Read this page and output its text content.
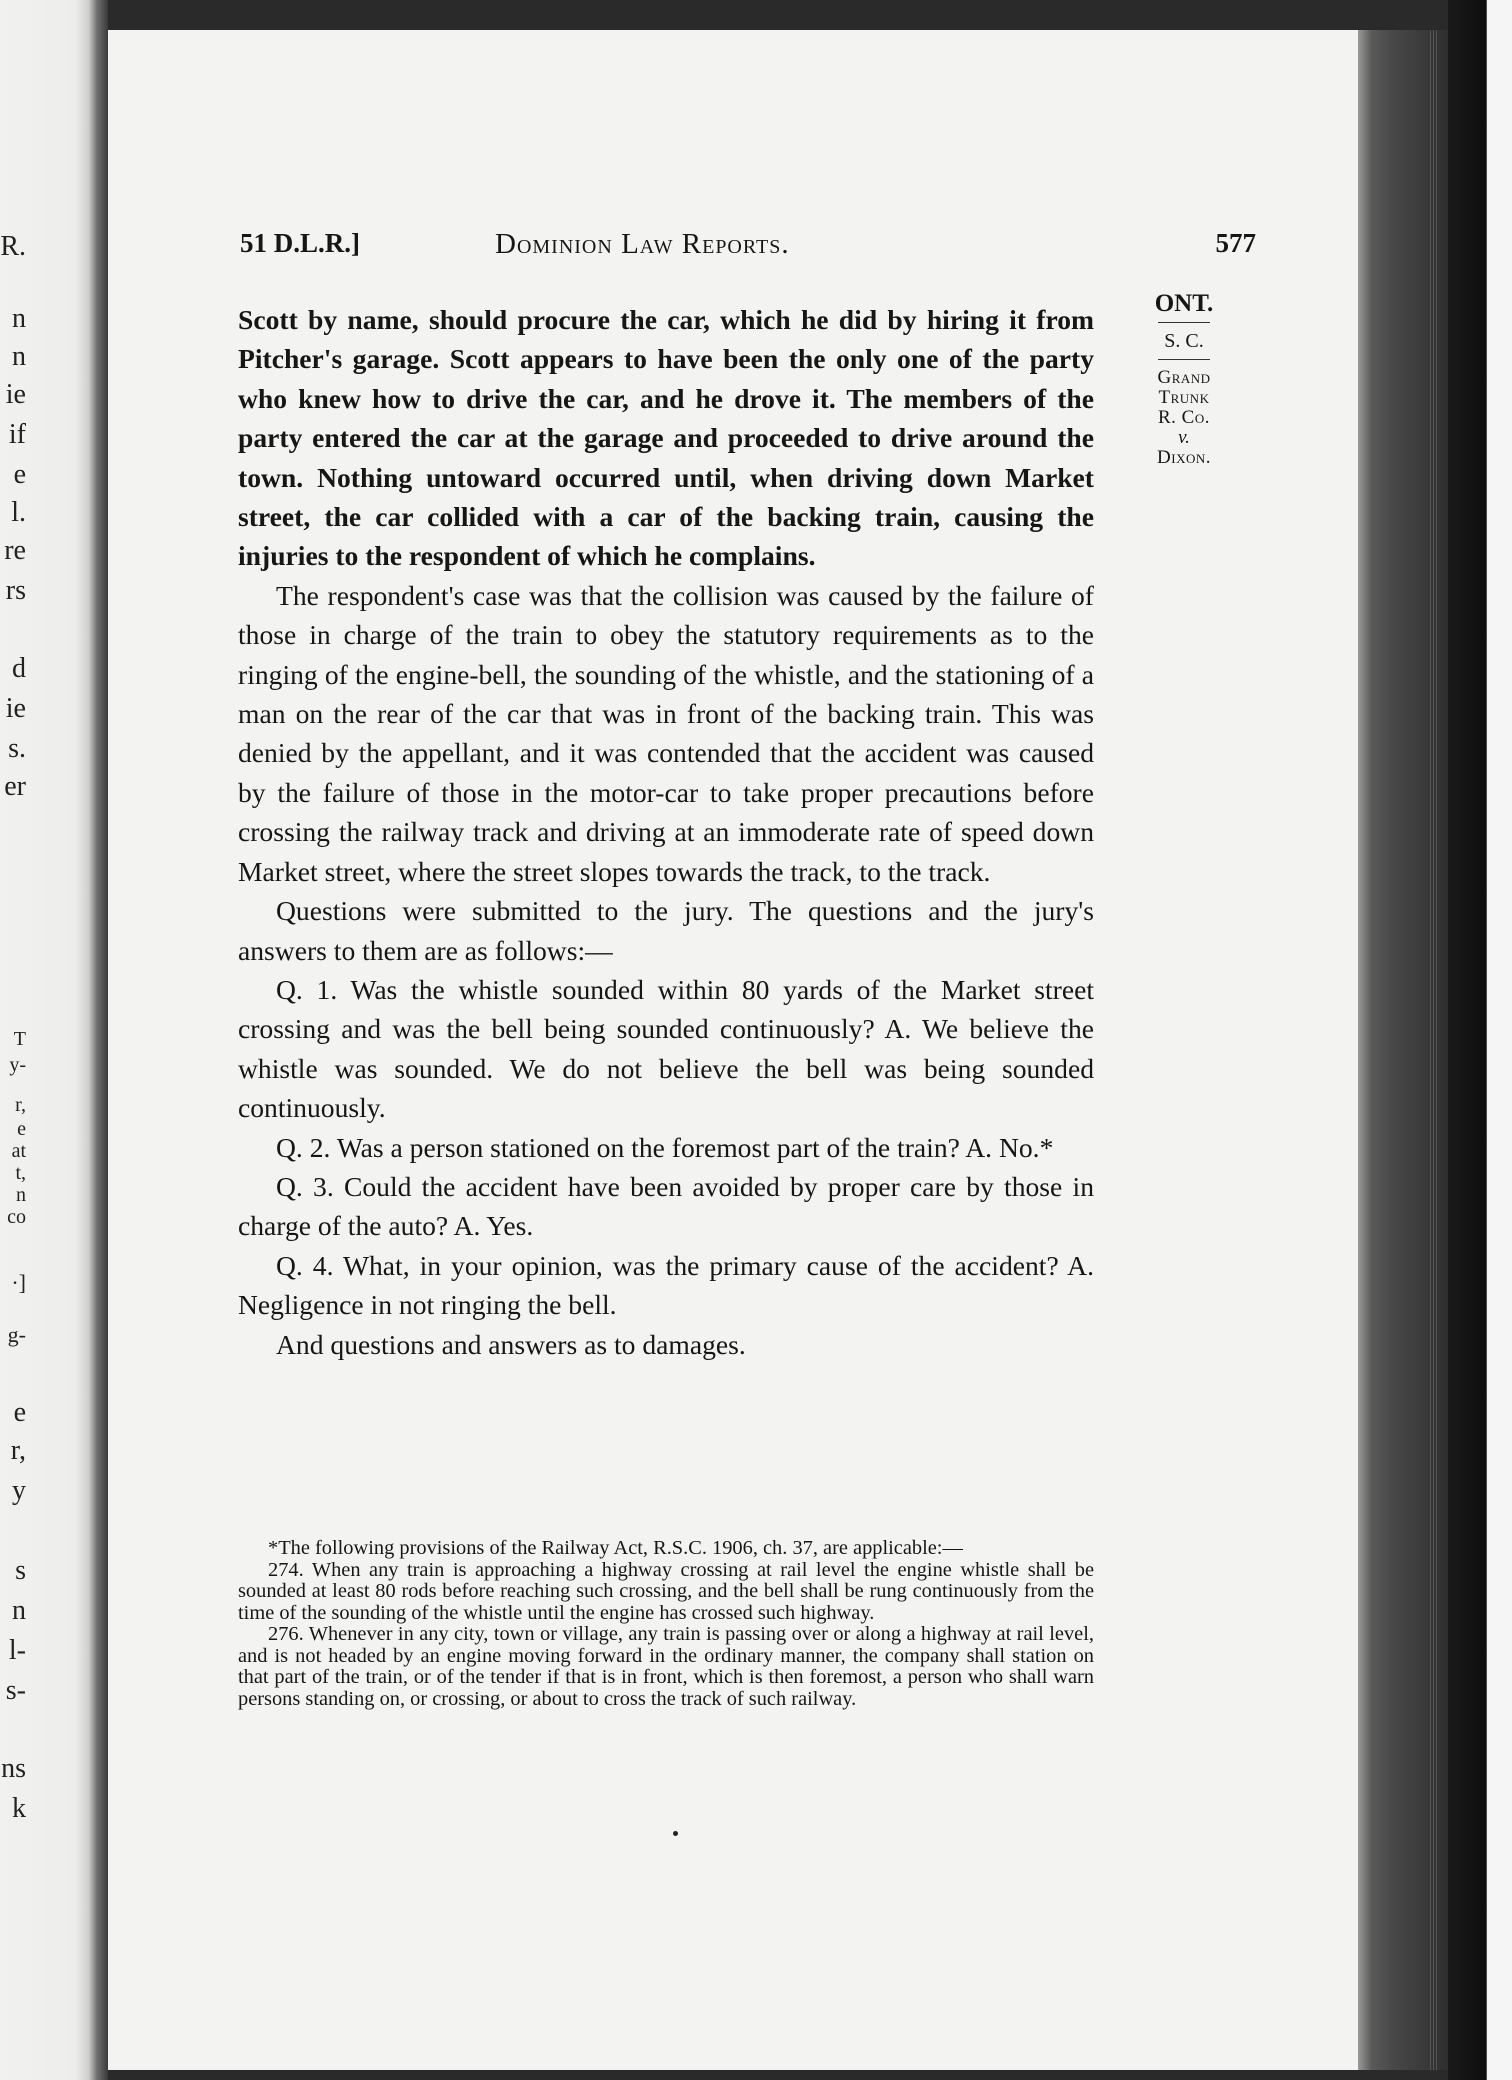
R.
n
n
ie
if
e
l.
re
rs
d
ie
s.
er
T
y-
r,
e
at
t,
n
co
·]
g-
e
r,
y
s
n
l-
s-
ns
k
51 D.L.R.]	Dominion Law Reports.	577
ONT.
S. C.
Grand
Trunk
R. Co.
v.
Dixon.

Scott by name, should procure the car, which he did by hiring it from Pitcher's garage. Scott appears to have been the only one of the party who knew how to drive the car, and he drove it. The members of the party entered the car at the garage and proceeded to drive around the town. Nothing untoward occurred until, when driving down Market street, the car collided with a car of the backing train, causing the injuries to the respondent of which he complains.

The respondent's case was that the collision was caused by the failure of those in charge of the train to obey the statutory requirements as to the ringing of the engine-bell, the sounding of the whistle, and the stationing of a man on the rear of the car that was in front of the backing train. This was denied by the appellant, and it was contended that the accident was caused by the failure of those in the motor-car to take proper precautions before crossing the railway track and driving at an immoderate rate of speed down Market street, where the street slopes towards the track, to the track.

Questions were submitted to the jury. The questions and the jury's answers to them are as follows:—

Q. 1. Was the whistle sounded within 80 yards of the Market street crossing and was the bell being sounded continuously? A. We believe the whistle was sounded. We do not believe the bell was being sounded continuously.

Q. 2. Was a person stationed on the foremost part of the train? A. No.*

Q. 3. Could the accident have been avoided by proper care by those in charge of the auto? A. Yes.

Q. 4. What, in your opinion, was the primary cause of the accident? A. Negligence in not ringing the bell.

And questions and answers as to damages.

*The following provisions of the Railway Act, R.S.C. 1906, ch. 37, are applicable:—

274. When any train is approaching a highway crossing at rail level the engine whistle shall be sounded at least 80 rods before reaching such crossing, and the bell shall be rung continuously from the time of the sounding of the whistle until the engine has crossed such highway.

276. Whenever in any city, town or village, any train is passing over or along a highway at rail level, and is not headed by an engine moving forward in the ordinary manner, the company shall station on that part of the train, or of the tender if that is in front, which is then foremost, a person who shall warn persons standing on, or crossing, or about to cross the track of such railway.
